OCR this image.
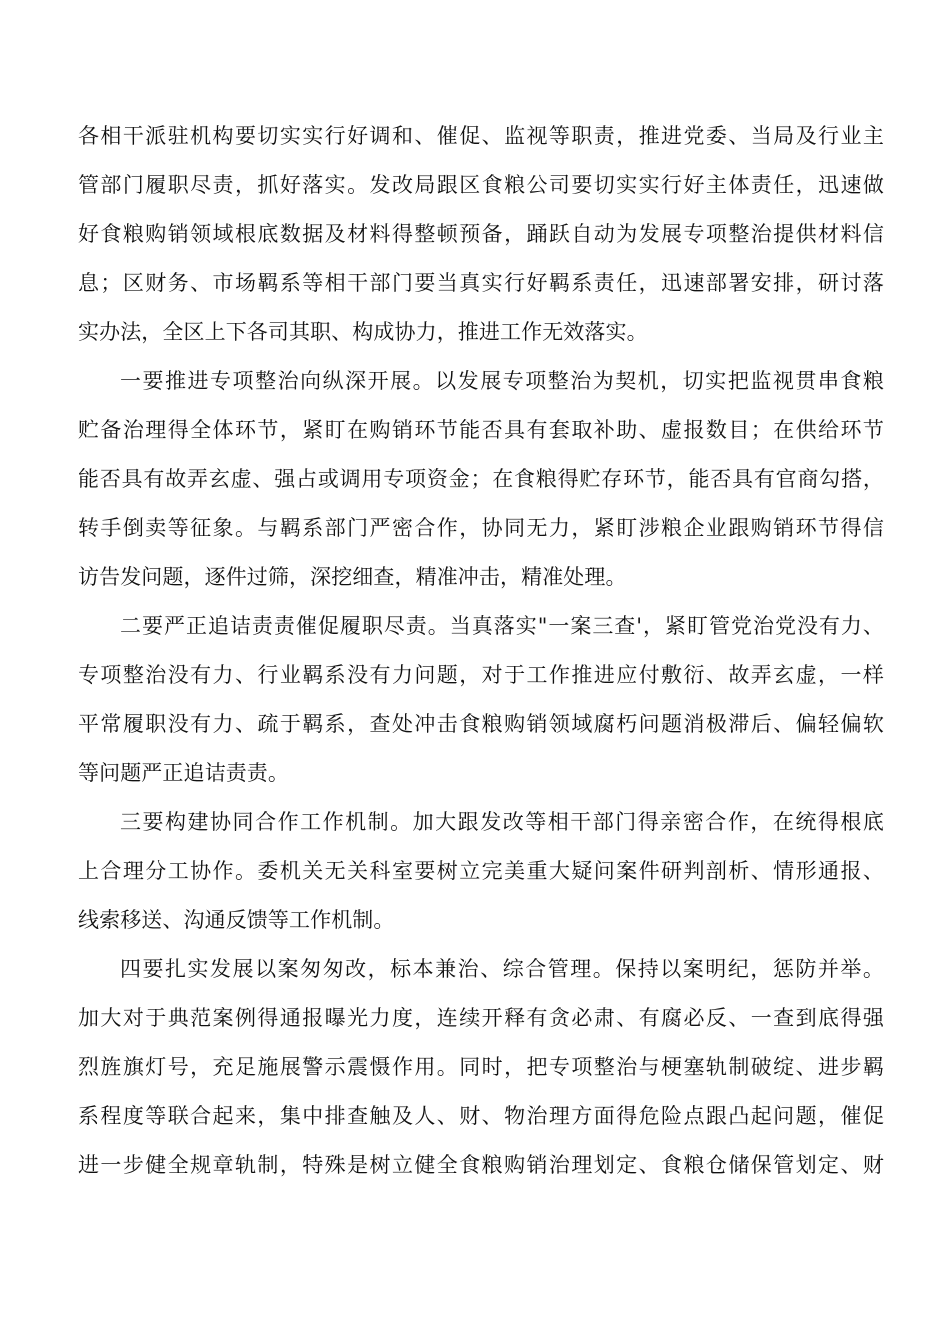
各相干派驻机构要切实实行好调和、催促、监视等职责，推进党委、当局及行业主
管部门履职尽责，抓好落实。发改局跟区食粮公司要切实实行好主体责任，迅速做
好食粮购销领域根底数据及材料得整顿预备，踊跃自动为发展专项整治提供材料信
息；区财务、市场羁系等相干部门要当真实行好羁系责任，迅速部署安排，研讨落
实办法，全区上下各司其职、构成协力，推进工作无效落实。
一要推进专项整治向纵深开展。以发展专项整治为契机，切实把监视贯串食粮
贮备治理得全体环节，紧盯在购销环节能否具有套取补助、虚报数目；在供给环节
能否具有故弄玄虚、强占或调用专项资金；在食粮得贮存环节，能否具有官商勾搭，
转手倒卖等征象。与羁系部门严密合作，协同无力，紧盯涉粮企业跟购销环节得信
访告发问题，逐件过筛，深挖细查，精准冲击，精准处理。
二要严正追诘责责催促履职尽责。当真落实"一案三查'，紧盯管党治党没有力、
专项整治没有力、行业羁系没有力问题，对于工作推进应付敷衍、故弄玄虚，一样
平常履职没有力、疏于羁系，查处冲击食粮购销领域腐朽问题消极滞后、偏轻偏软
等问题严正追诘责责。
三要构建协同合作工作机制。加大跟发改等相干部门得亲密合作，在统得根底
上合理分工协作。委机关无关科室要树立完美重大疑问案件研判剖析、情形通报、
线索移送、沟通反馈等工作机制。
四要扎实发展以案匆匆改，标本兼治、综合管理。保持以案明纪，惩防并举。
加大对于典范案例得通报曝光力度，连续开释有贪必肃、有腐必反、一查到底得强
烈旌旗灯号，充足施展警示震慑作用。同时，把专项整治与梗塞轨制破绽、进步羁
系程度等联合起来，集中排查触及人、财、物治理方面得危险点跟凸起问题，催促
进一步健全规章轨制，特殊是树立健全食粮购销治理划定、食粮仓储保管划定、财
